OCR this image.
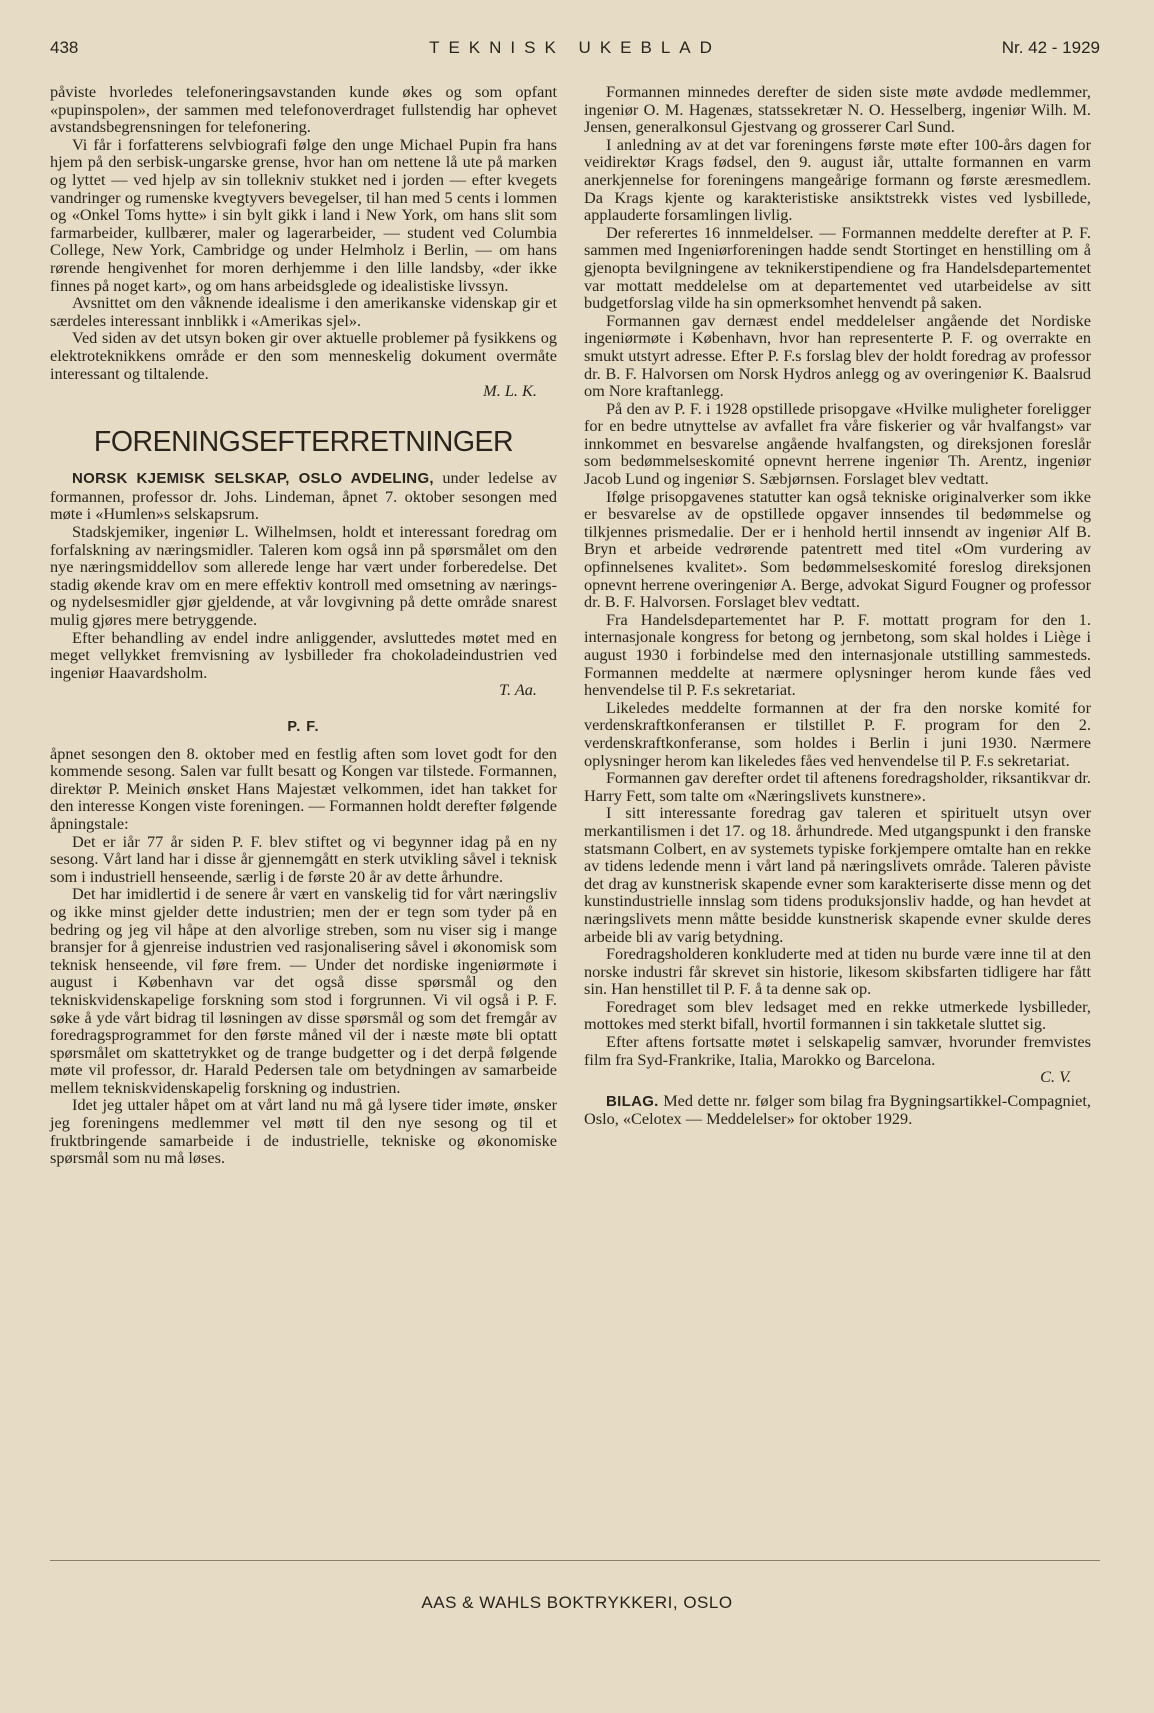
438	TEKNISK UKEBLAD	Nr. 42 - 1929

påviste hvorledes telefoneringsavstanden kunde økes og som opfant «pupinspolen», der sammen med telefonoverdraget fullstendig har ophevet avstandsbegrensningen for telefonering.

Vi får i forfatterens selvbiografi følge den unge Michael Pupin fra hans hjem på den serbisk-ungarske grense, hvor han om nettene lå ute på marken og lyttet — ved hjelp av sin tollekniv stukket ned i jorden — efter kvegets vandringer og rumenske kvegtyvers bevegelser, til han med 5 cents i lommen og «Onkel Toms hytte» i sin bylt gikk i land i New York, om hans slit som farmarbeider, kullbærer, maler og lagerarbeider, — student ved Columbia College, New York, Cambridge og under Helmholz i Berlin, — om hans rørende hengivenhet for moren derhjemme i den lille landsby, «der ikke finnes på noget kart», og om hans arbeidsglede og idealistiske livssyn.

Avsnittet om den våknende idealisme i den amerikanske videnskap gir et særdeles interessant innblikk i «Amerikas sjel».

Ved siden av det utsyn boken gir over aktuelle problemer på fysikkens og elektroteknikkens område er den som menneskelig dokument overmåte interessant og tiltalende.

M. L. K.
FORENINGSEFTERRETNINGER

NORSK KJEMISK SELSKAP, OSLO AVDELING, under ledelse av formannen, professor dr. Johs. Lindeman, åpnet 7. oktober sesongen med møte i «Humlen»s selskapsrum.

Stadskjemiker, ingeniør L. Wilhelmsen, holdt et interessant foredrag om forfalskning av næringsmidler. Taleren kom også inn på spørsmålet om den nye næringsmiddellov som allerede lenge har vært under forberedelse. Det stadig økende krav om en mere effektiv kontroll med omsetning av nærings- og nydelsesmidler gjør gjeldende, at vår lovgivning på dette område snarest mulig gjøres mere betryggende.

Efter behandling av endel indre anliggender, avsluttedes møtet med en meget vellykket fremvisning av lysbilleder fra chokoladeindustrien ved ingeniør Haavardsholm.

T. Aa.
P. F.

åpnet sesongen den 8. oktober med en festlig aften som lovet godt for den kommende sesong. Salen var fullt besatt og Kongen var tilstede. Formannen, direktør P. Meinich ønsket Hans Majestæt velkommen, idet han takket for den interesse Kongen viste foreningen. — Formannen holdt derefter følgende åpningstale:

Det er iår 77 år siden P. F. blev stiftet og vi begynner idag på en ny sesong. Vårt land har i disse år gjennemgått en sterk utvikling såvel i teknisk som i industriell henseende, særlig i de første 20 år av dette århundre.

Det har imidlertid i de senere år vært en vanskelig tid for vårt næringsliv og ikke minst gjelder dette industrien; men der er tegn som tyder på en bedring og jeg vil håpe at den alvorlige streben, som nu viser sig i mange bransjer for å gjenreise industrien ved rasjonalisering såvel i økonomisk som teknisk henseende, vil føre frem. — Under det nordiske ingeniørmøte i august i København var det også disse spørsmål og den tekniskvidenskapelige forskning som stod i forgrunnen. Vi vil også i P. F. søke å yde vårt bidrag til løsningen av disse spørsmål og som det fremgår av foredragsprogrammet for den første måned vil der i næste møte bli optatt spørsmålet om skattetrykket og de trange budgetter og i det derpå følgende møte vil professor, dr. Harald Pedersen tale om betydningen av samarbeide mellem tekniskvidenskapelig forskning og industrien.

Idet jeg uttaler håpet om at vårt land nu må gå lysere tider imøte, ønsker jeg foreningens medlemmer vel møtt til den nye sesong og til et fruktbringende samarbeide i de industrielle, tekniske og økonomiske spørsmål som nu må løses.

Formannen minnedes derefter de siden siste møte avdøde medlemmer, ingeniør O. M. Hagenæs, statssekretær N. O. Hesselberg, ingeniør Wilh. M. Jensen, generalkonsul Gjestvang og grosserer Carl Sund.

I anledning av at det var foreningens første møte efter 100-års dagen for veidirektør Krags fødsel, den 9. august iår, uttalte formannen en varm anerkjennelse for foreningens mangeårige formann og første æresmedlem. Da Krags kjente og karakteristiske ansiktstrekk vistes ved lysbillede, applauderte forsamlingen livlig.

Der referertes 16 innmeldelser. — Formannen meddelte derefter at P. F. sammen med Ingeniørforeningen hadde sendt Stortinget en henstilling om å gjenopta bevilgningene av teknikerstipendiene og fra Handelsdepartementet var mottatt meddelelse om at departementet ved utarbeidelse av sitt budgetforslag vilde ha sin opmerksomhet henvendt på saken.

Formannen gav dernæst endel meddelelser angående det Nordiske ingeniørmøte i København, hvor han representerte P. F. og overrakte en smukt utstyrt adresse. Efter P. F.s forslag blev der holdt foredrag av professor dr. B. F. Halvorsen om Norsk Hydros anlegg og av overingeniør K. Baalsrud om Nore kraftanlegg.

På den av P. F. i 1928 opstillede prisopgave «Hvilke muligheter foreligger for en bedre utnyttelse av avfallet fra våre fiskerier og vår hvalfangst» var innkommet en besvarelse angående hvalfangsten, og direksjonen foreslår som bedømmelseskomité opnevnt herrene ingeniør Th. Arentz, ingeniør Jacob Lund og ingeniør S. Sæbjørnsen. Forslaget blev vedtatt.

Ifølge prisopgavenes statutter kan også tekniske originalverker som ikke er besvarelse av de opstillede opgaver innsendes til bedømmelse og tilkjennes prismedalie. Der er i henhold hertil innsendt av ingeniør Alf B. Bryn et arbeide vedrørende patentrett med titel «Om vurdering av opfinnelsenes kvalitet». Som bedømmelseskomité foreslog direksjonen opnevnt herrene overingeniør A. Berge, advokat Sigurd Fougner og professor dr. B. F. Halvorsen. Forslaget blev vedtatt.

Fra Handelsdepartementet har P. F. mottatt program for den 1. internasjonale kongress for betong og jernbetong, som skal holdes i Liège i august 1930 i forbindelse med den internasjonale utstilling sammesteds. Formannen meddelte at nærmere oplysninger herom kunde fåes ved henvendelse til P. F.s sekretariat.

Likeledes meddelte formannen at der fra den norske komité for verdenskraftkonferansen er tilstillet P. F. program for den 2. verdenskraftkonferanse, som holdes i Berlin i juni 1930. Nærmere oplysninger herom kan likeledes fåes ved henvendelse til P. F.s sekretariat.

Formannen gav derefter ordet til aftenens foredragsholder, riksantikvar dr. Harry Fett, som talte om «Næringslivets kunstnere».

I sitt interessante foredrag gav taleren et spirituelt utsyn over merkantilismen i det 17. og 18. århundrede. Med utgangspunkt i den franske statsmann Colbert, en av systemets typiske forkjempere omtalte han en rekke av tidens ledende menn i vårt land på næringslivets område. Taleren påviste det drag av kunstnerisk skapende evner som karakteriserte disse menn og det kunstindustrielle innslag som tidens produksjonsliv hadde, og han hevdet at næringslivets menn måtte besidde kunstnerisk skapende evner skulde deres arbeide bli av varig betydning.

Foredragsholderen konkluderte med at tiden nu burde være inne til at den norske industri får skrevet sin historie, likesom skibsfarten tidligere har fått sin. Han henstillet til P. F. å ta denne sak op.

Foredraget som blev ledsaget med en rekke utmerkede lysbilleder, mottokes med sterkt bifall, hvortil formannen i sin takketale sluttet sig.

Efter aftens fortsatte møtet i selskapelig samvær, hvorunder fremvistes film fra Syd-Frankrike, Italia, Marokko og Barcelona.

C. V.

BILAG. Med dette nr. følger som bilag fra Bygningsartikkel-Compagniet, Oslo, «Celotex — Meddelelser» for oktober 1929.

AAS & WAHLS BOKTRYKKERI, OSLO
